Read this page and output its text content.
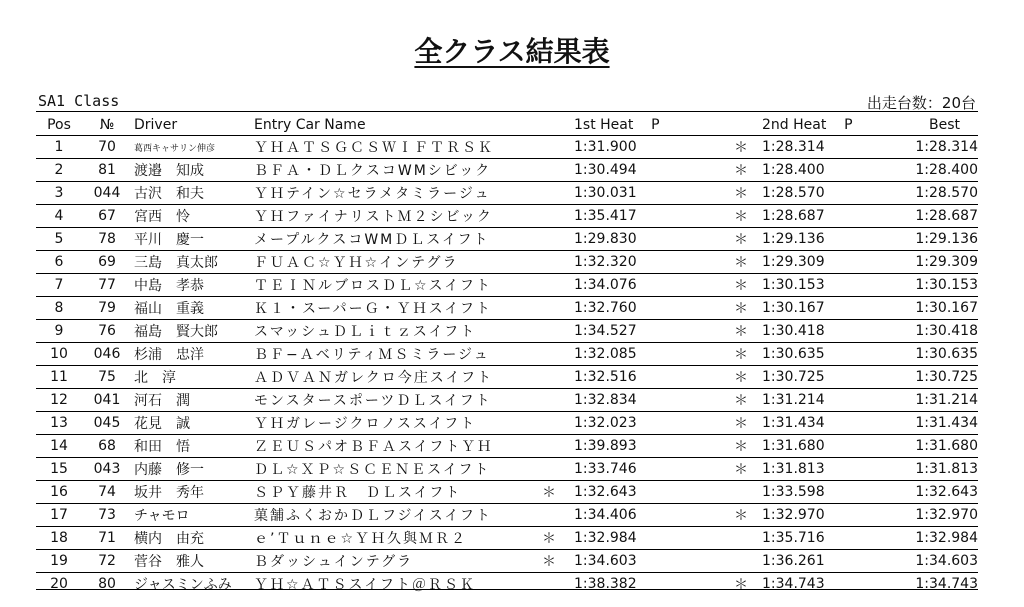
全クラス結果表
SA1 Class	出走台数：20台
Pos	№	Driver	Entry Car Name		1st Heat P		2nd Heat P	Best
1	70	葛西キャサリン伸彦	ＹＨＡＴＳＧＣＳＷＩＦＴＲＳＫ		1:31.900	＊	1:28.314	1:28.314
2	81	渡邉　知成	ＢＦＡ・ＤＬクスコWMシビック		1:30.494	＊	1:28.400	1:28.400
3	044	古沢　和夫	ＹＨテイン☆セラメタミラージュ		1:30.031	＊	1:28.570	1:28.570
4	67	宮西　怜	ＹＨファイナリストＭ２シビック		1:35.417	＊	1:28.687	1:28.687
5	78	平川　慶一	メープルクスコWMＤＬスイフト		1:29.830	＊	1:29.136	1:29.136
6	69	三島　真太郎	ＦＵＡＣ☆ＹＨ☆インテグラ		1:32.320	＊	1:29.309	1:29.309
7	77	中島　孝恭	ＴＥＩＮルブロスＤＬ☆スイフト		1:34.076	＊	1:30.153	1:30.153
8	79	福山　重義	Ｋ１・スーパーＧ・ＹＨスイフト		1:32.760	＊	1:30.167	1:30.167
9	76	福島　賢大郎	スマッシュＤＬｉｔｚスイフト		1:34.527	＊	1:30.418	1:30.418
10	046	杉浦　忠洋	ＢＦ−ＡベリティＭＳミラージュ		1:32.085	＊	1:30.635	1:30.635
11	75	北　淳	ＡＤＶＡＮガレクロ今庄スイフト		1:32.516	＊	1:30.725	1:30.725
12	041	河石　潤	モンスタースポーツＤＬスイフト		1:32.834	＊	1:31.214	1:31.214
13	045	花見　誠	ＹＨガレージクロノススイフト		1:32.023	＊	1:31.434	1:31.434
14	68	和田　悟	ＺＥＵＳパオＢＦＡスイフトＹＨ		1:39.893	＊	1:31.680	1:31.680
15	043	内藤　修一	ＤＬ☆ＸＰ☆ＳＣＥＮＥスイフト		1:33.746	＊	1:31.813	1:31.813
16	74	坂井　秀年	ＳＰＹ藤井Ｒ　ＤＬスイフト	＊	1:32.643		1:33.598	1:32.643
17	73	チャモロ	菓舗ふくおかＤＬフジイスイフト		1:34.406	＊	1:32.970	1:32.970
18	71	横内　由充	ｅ’Ｔｕｎｅ☆ＹＨ久與ＭＲ２	＊	1:32.984		1:35.716	1:32.984
19	72	菅谷　雅人	Ｂダッシュインテグラ	＊	1:34.603		1:36.261	1:34.603
20	80	ジャスミンふみ	ＹＨ☆ＡＴＳスイフト＠ＲＳＫ		1:38.382	＊	1:34.743	1:34.743
